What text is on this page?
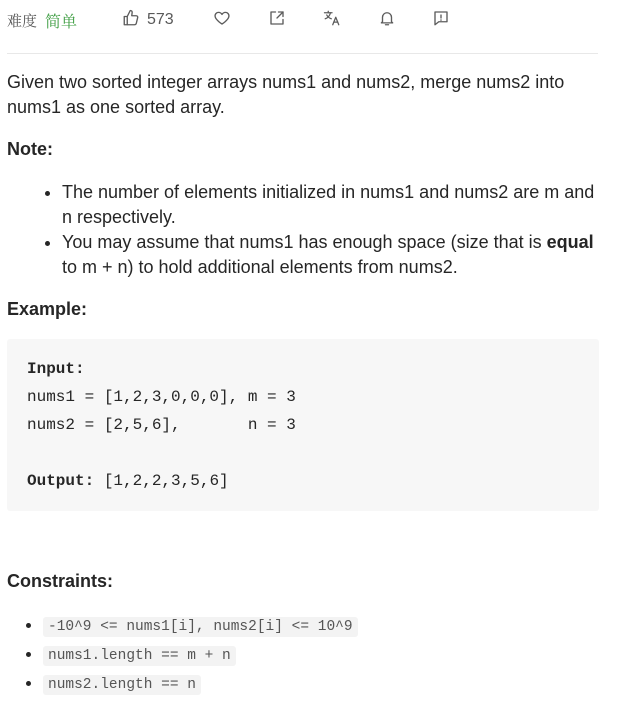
难度 简单	573

Given two sorted integer arrays nums1 and nums2, merge nums2 into nums1 as one sorted array.

Note:
• The number of elements initialized in nums1 and nums2 are m and n respectively.
• You may assume that nums1 has enough space (size that is equal to m + n) to hold additional elements from nums2.
Example:
Input:
nums1 = [1,2,3,0,0,0], m = 3
nums2 = [2,5,6],       n = 3

Output: [1,2,2,3,5,6]
Constraints:
• -10^9 <= nums1[i], nums2[i] <= 10^9
• nums1.length == m + n
• nums2.length == n
